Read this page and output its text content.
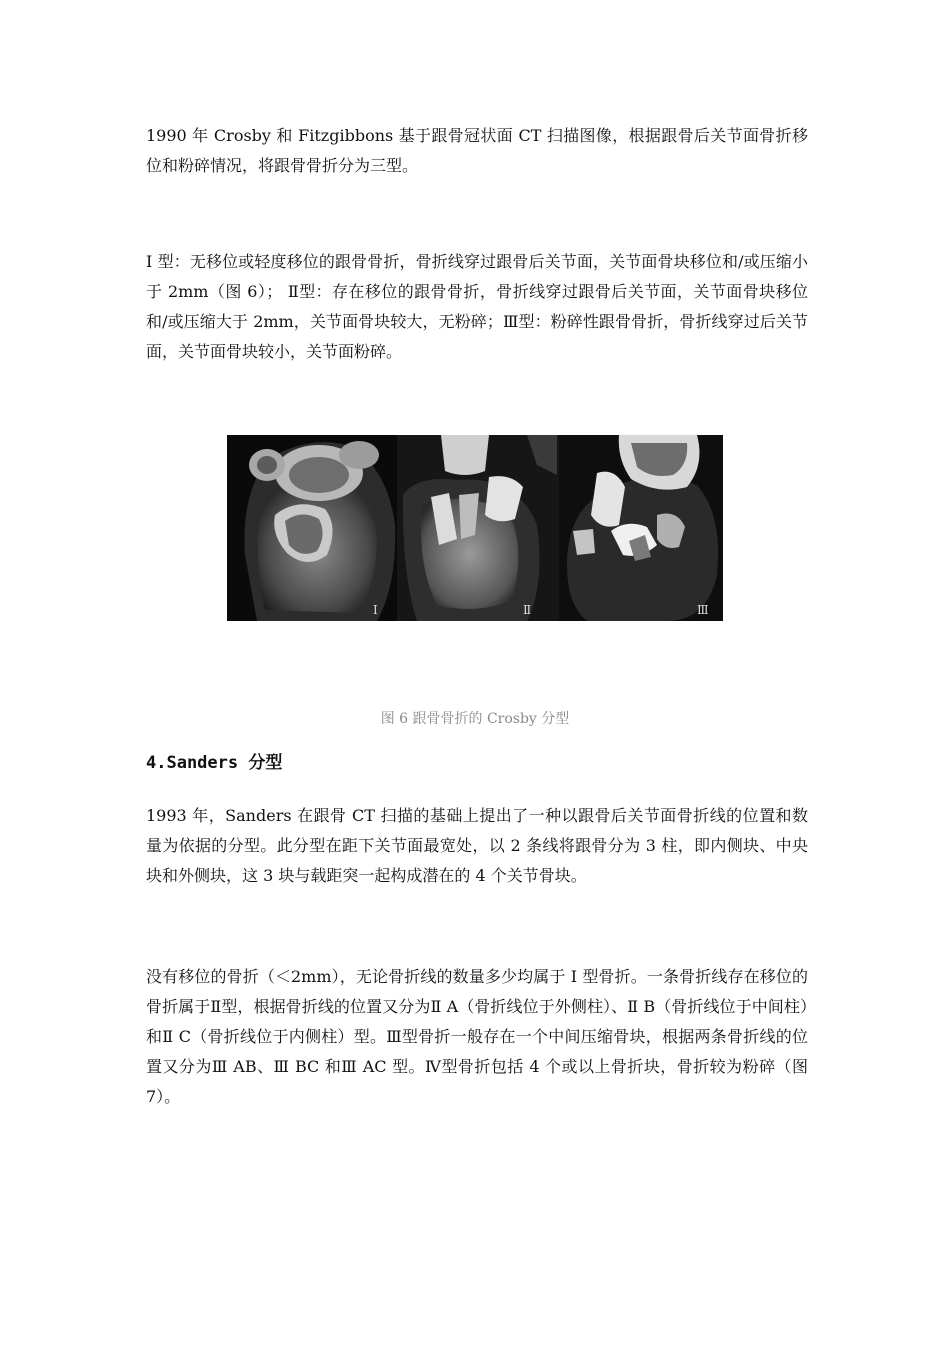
1990 年 Crosby 和 Fitzgibbons 基于跟骨冠状面 CT 扫描图像，根据跟骨后关节面骨折移位和粉碎情况，将跟骨骨折分为三型。

Ⅰ 型：无移位或轻度移位的跟骨骨折，骨折线穿过跟骨后关节面，关节面骨块移位和/或压缩小于 2mm（图 6）； Ⅱ型：存在移位的跟骨骨折，骨折线穿过跟骨后关节面，关节面骨块移位和/或压缩大于 2mm，关节面骨块较大，无粉碎；Ⅲ型：粉碎性跟骨骨折，骨折线穿过后关节面，关节面骨块较小，关节面粉碎。

Ⅰ	Ⅱ	Ⅲ
图 6 跟骨骨折的 Crosby 分型
4.Sanders 分型

1993 年，Sanders 在跟骨 CT 扫描的基础上提出了一种以跟骨后关节面骨折线的位置和数量为依据的分型。此分型在距下关节面最宽处，以 2 条线将跟骨分为 3 柱，即内侧块、中央块和外侧块，这 3 块与载距突一起构成潜在的 4 个关节骨块。

没有移位的骨折（＜2mm），无论骨折线的数量多少均属于 Ⅰ 型骨折。一条骨折线存在移位的骨折属于Ⅱ型，根据骨折线的位置又分为Ⅱ A（骨折线位于外侧柱）、Ⅱ B（骨折线位于中间柱）和Ⅱ C（骨折线位于内侧柱）型。Ⅲ型骨折一般存在一个中间压缩骨块，根据两条骨折线的位置又分为Ⅲ AB、Ⅲ BC 和Ⅲ AC 型。Ⅳ型骨折包括 4 个或以上骨折块，骨折较为粉碎（图 7）。
